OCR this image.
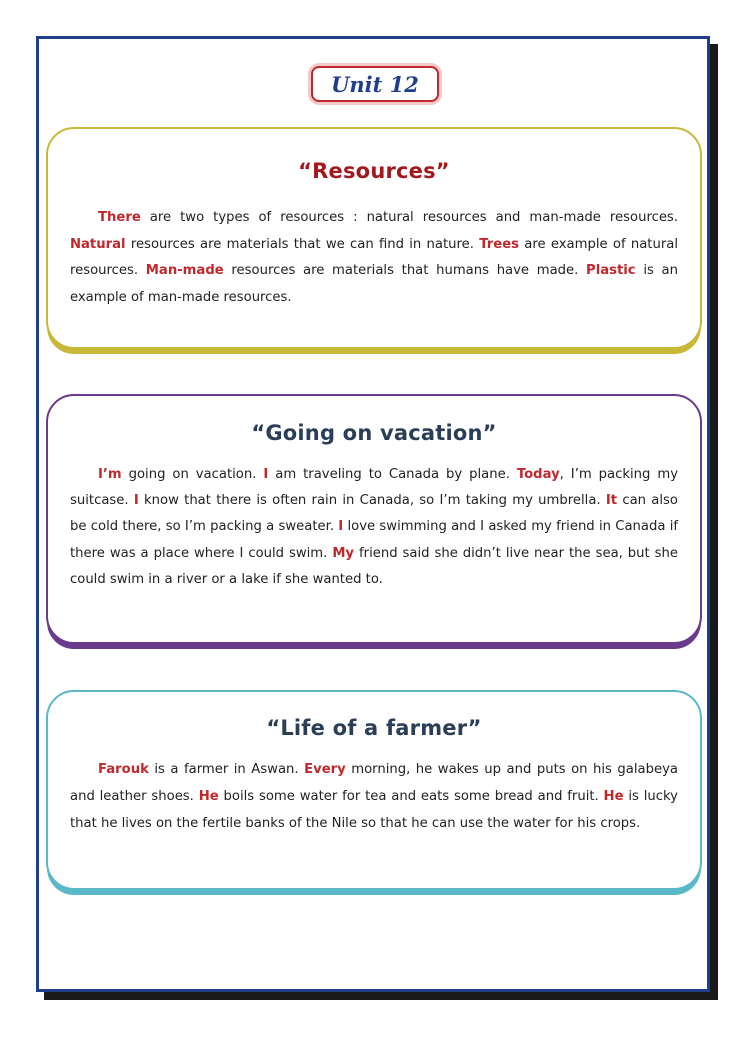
Unit 12
“Resources”

There are two types of resources : natural resources and man-made resources. Natural resources are materials that we can find in nature. Trees are example of natural resources. Man-made resources are materials that humans have made. Plastic is an example of man-made resources.

“Going on vacation”

I’m going on vacation. I am traveling to Canada by plane. Today, I’m packing my suitcase. I know that there is often rain in Canada, so I’m taking my umbrella. It can also be cold there, so I’m packing a sweater. I love swimming and I asked my friend in Canada if there was a place where I could swim. My friend said she didn’t live near the sea, but she could swim in a river or a lake if she wanted to.

“Life of a farmer”

Farouk is a farmer in Aswan. Every morning, he wakes up and puts on his galabeya and leather shoes. He boils some water for tea and eats some bread and fruit. He is lucky that he lives on the fertile banks of the Nile so that he can use the water for his crops.
